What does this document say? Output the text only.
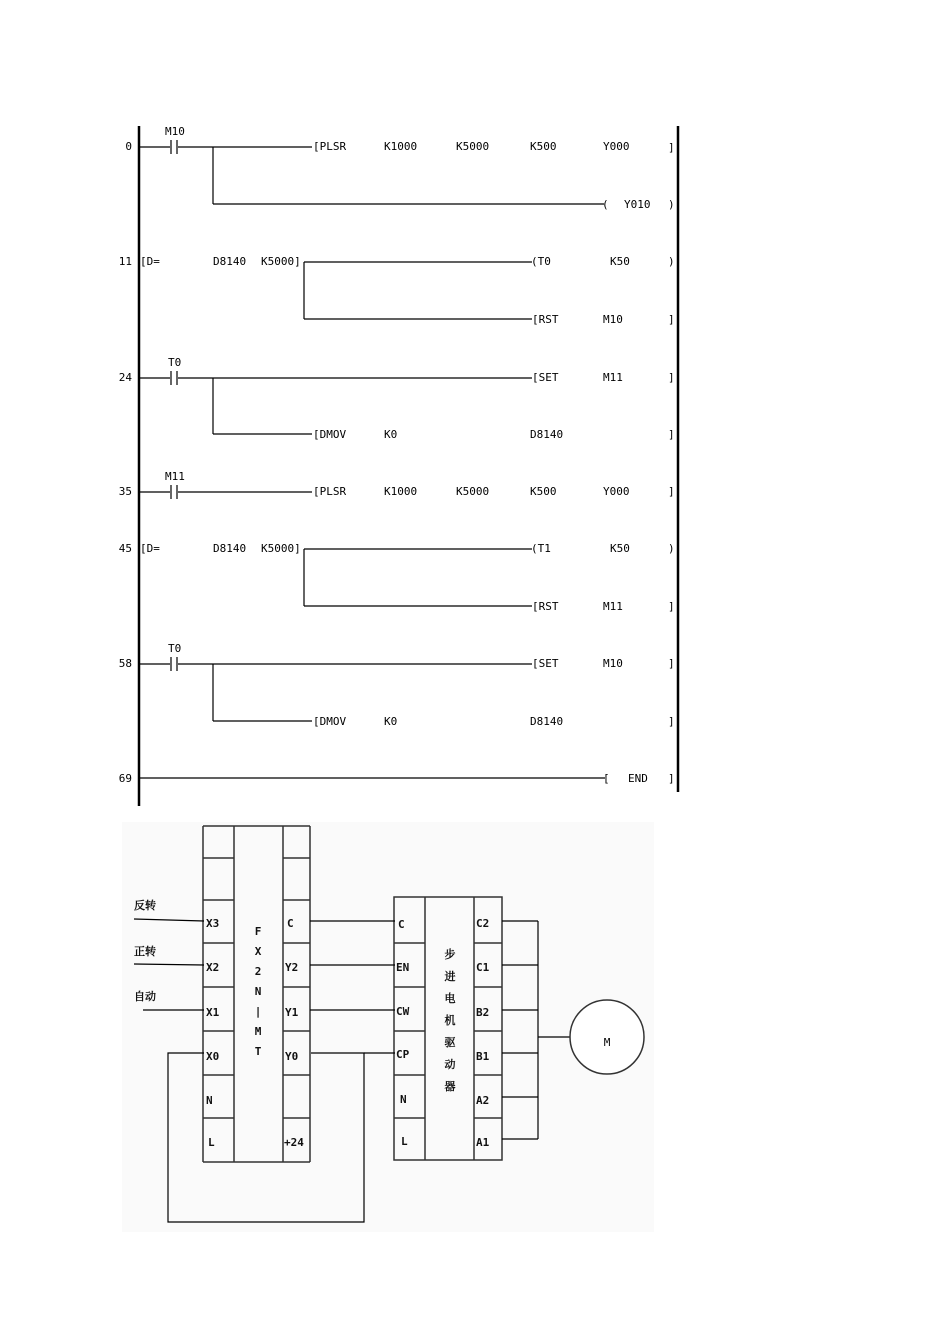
0
M10
[PLSR	K1000	K5000	K500	Y000	]
( Y010 )
11 [D=	D8140 K5000]	(T0	K50	)
[RST	M10	]
24
T0
[SET	M11	]
[DMOV	K0	D8140	]
35
M11
[PLSR	K1000	K5000	K500	Y000	]
45 [D=	D8140 K5000]	(T1	K50	)
[RST	M11	]
58
T0
[SET	M10	]
[DMOV	K0	D8140	]
69	[ END ]
X3
X2
X1
X0
N
L
C
Y2
Y1
Y0
+24
F X 2 N | M T
C
EN
CW
CP
N
L
C2
C1
B2
B1
A2
A1
步进电机驱动器
反转
正转
自动
M
